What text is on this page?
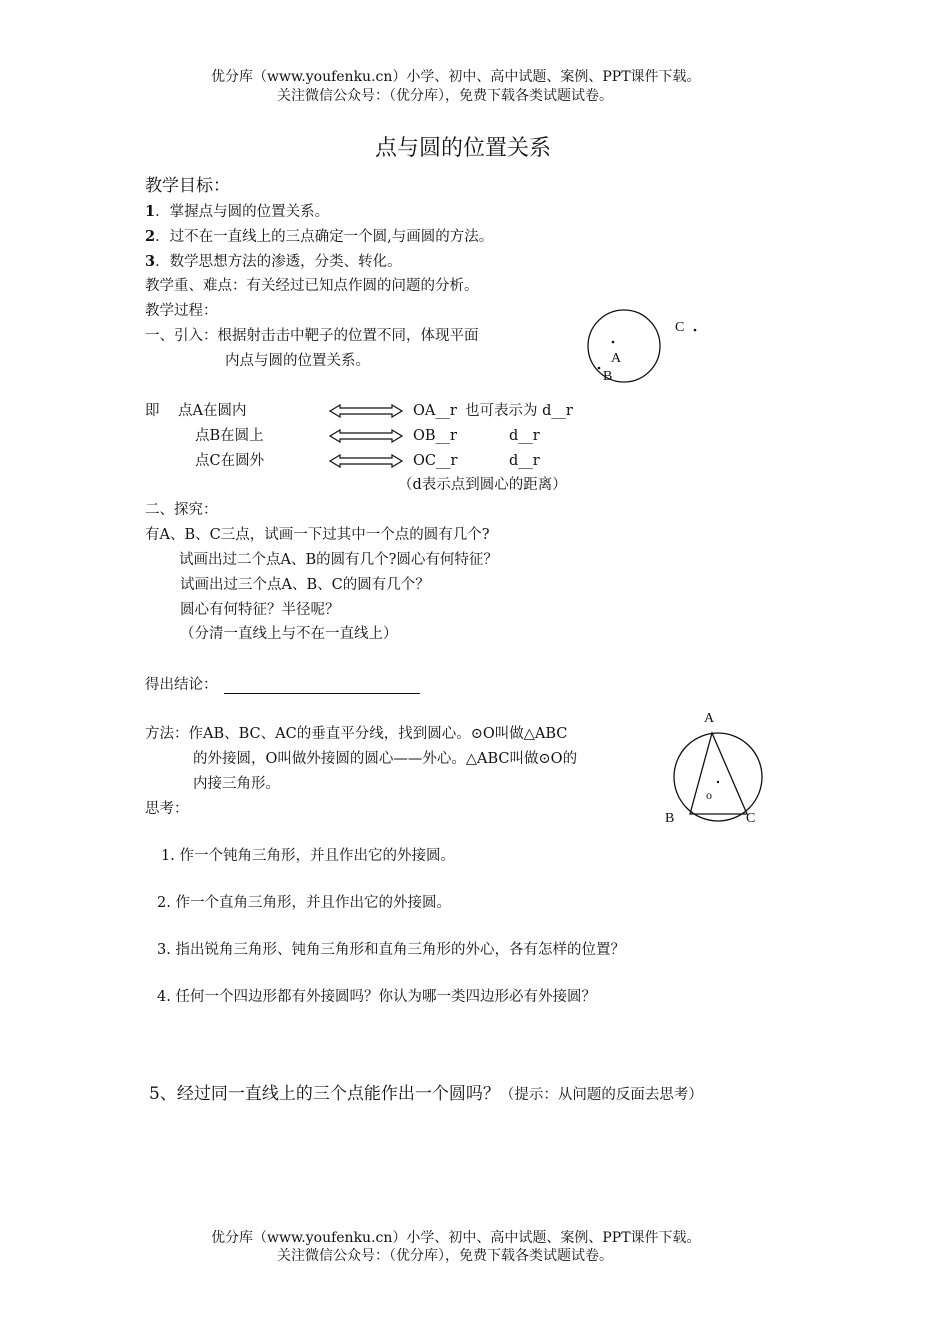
优分库（www.youfenku.cn）小学、初中、高中试题、案例、PPT课件下载。
关注微信公众号：（优分库），免费下载各类试题试卷。
点与圆的位置关系
教学目标：
1．掌握点与圆的位置关系。
2．过不在一直线上的三点确定一个圆,与画圆的方法。
3．数学思想方法的渗透，分类、转化。
教学重、难点：有关经过已知点作圆的问题的分析。
教学过程：
一、引入：根据射击击中靶子的位置不同，体现平面
内点与圆的位置关系。	A
B
C
即 点A在圆内	OA__r 也可表示为 d__r
点B在圆上	OB__r	d__r
点C在圆外	OC__r	d__r
（d表示点到圆心的距离）
二、探究：
有A、B、C三点，试画一下过其中一个点的圆有几个?
试画出过二个点A、B的圆有几个?圆心有何特征？
试画出过三个点A、B、C的圆有几个？
圆心有何特征？半径呢？
（分清一直线上与不在一直线上）
得出结论：
方法：作AB、BC、AC的垂直平分线，找到圆心。⊙O叫做△ABC
的外接圆，O叫做外接圆的圆心——外心。△ABC叫做⊙O的
内接三角形。
A
B	C
o
思考：
1. 作一个钝角三角形，并且作出它的外接圆。
2. 作一个直角三角形，并且作出它的外接圆。
3. 指出锐角三角形、钝角三角形和直角三角形的外心，各有怎样的位置？
4. 任何一个四边形都有外接圆吗？你认为哪一类四边形必有外接圆？
5、经过同一直线上的三个点能作出一个圆吗？（提示：从问题的反面去思考）
优分库（www.youfenku.cn）小学、初中、高中试题、案例、PPT课件下载。
关注微信公众号：（优分库），免费下载各类试题试卷。
